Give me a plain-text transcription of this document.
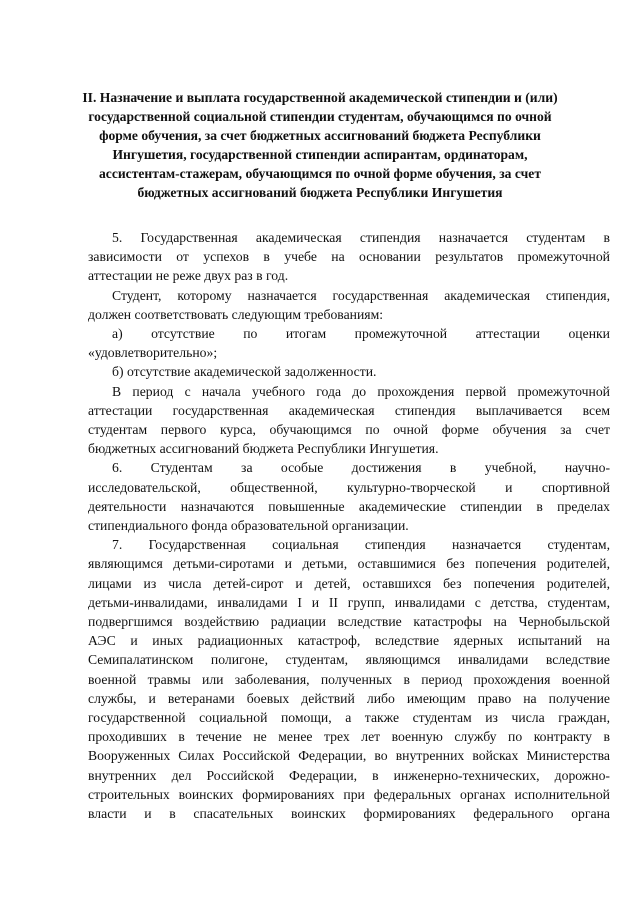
II. Назначение и выплата государственной академической стипендии и (или)
государственной социальной стипендии студентам, обучающимся по очной
форме обучения, за счет бюджетных ассигнований бюджета Республики
Ингушетия, государственной стипендии аспирантам, ординаторам,
ассистентам-стажерам, обучающимся по очной форме обучения, за счет
бюджетных ассигнований бюджета Республики Ингушетия
5. Государственная академическая стипендия назначается студентам в
зависимости от успехов в учебе на основании результатов промежуточной
аттестации не реже двух раз в год.
Студент, которому назначается государственная академическая стипендия,
должен соответствовать следующим требованиям:
а) отсутствие по итогам промежуточной аттестации оценки
«удовлетворительно»;
б) отсутствие академической задолженности.
В период с начала учебного года до прохождения первой промежуточной
аттестации государственная академическая стипендия выплачивается всем
студентам первого курса, обучающимся по очной форме обучения за счет
бюджетных ассигнований бюджета Республики Ингушетия.
6. Студентам за особые достижения в учебной, научно-
исследовательской, общественной, культурно-творческой и спортивной
деятельности назначаются повышенные академические стипендии в пределах
стипендиального фонда образовательной организации.
7. Государственная социальная стипендия назначается студентам,
являющимся детьми-сиротами и детьми, оставшимися без попечения родителей,
лицами из числа детей-сирот и детей, оставшихся без попечения родителей,
детьми-инвалидами, инвалидами I и II групп, инвалидами с детства, студентам,
подвергшимся воздействию радиации вследствие катастрофы на Чернобыльской
АЭС и иных радиационных катастроф, вследствие ядерных испытаний на
Семипалатинском полигоне, студентам, являющимся инвалидами вследствие
военной травмы или заболевания, полученных в период прохождения военной
службы, и ветеранами боевых действий либо имеющим право на получение
государственной социальной помощи, а также студентам из числа граждан,
проходивших в течение не менее трех лет военную службу по контракту в
Вооруженных Силах Российской Федерации, во внутренних войсках Министерства
внутренних дел Российской Федерации, в инженерно-технических, дорожно-
строительных воинских формированиях при федеральных органах исполнительной
власти и в спасательных воинских формированиях федерального органа
